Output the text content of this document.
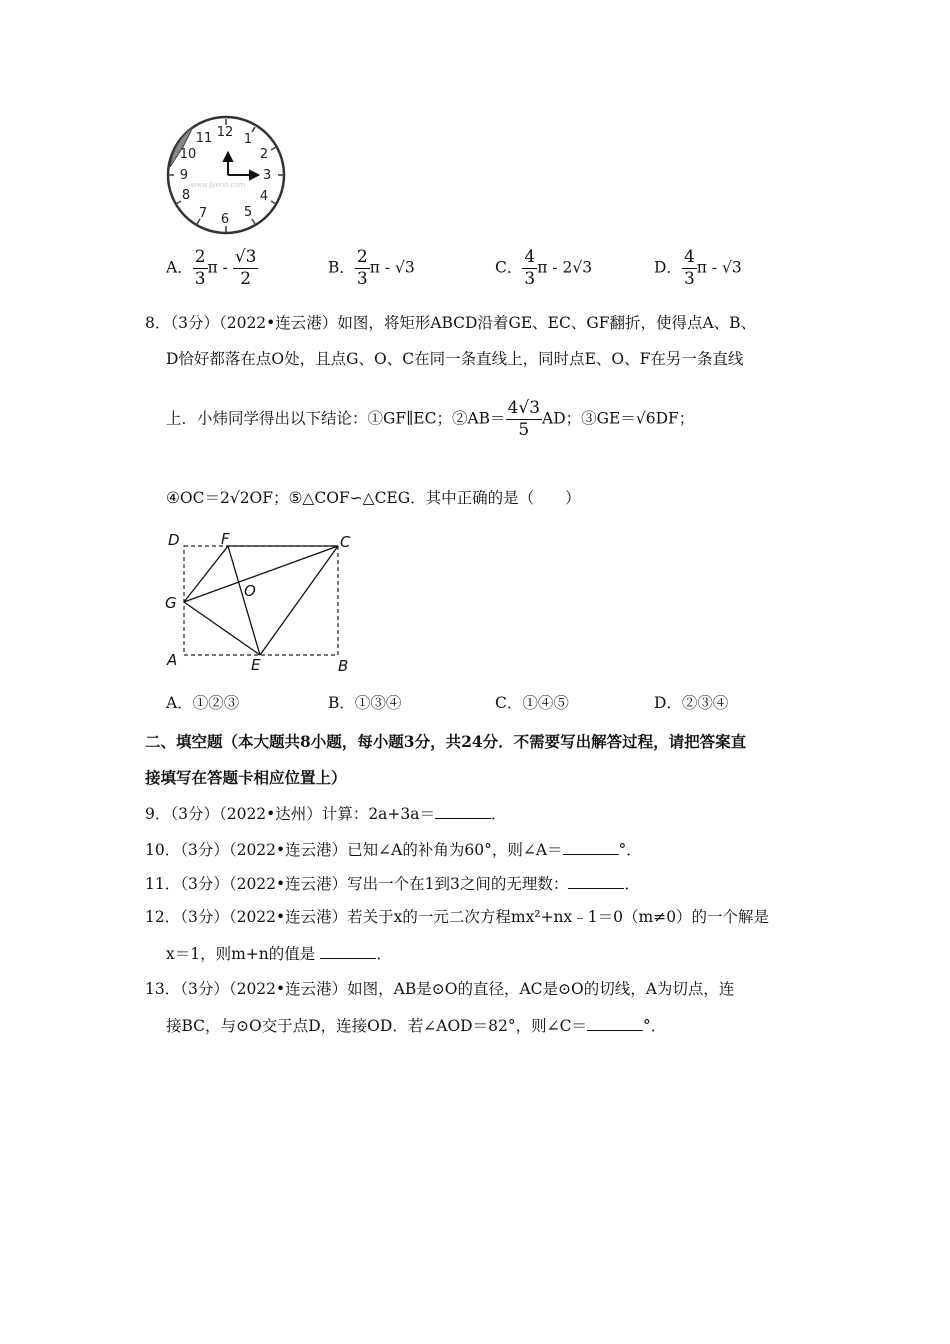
12 1
2
3
4
5
6
7
8
9
10
11
www.jyeoo.com
A． $\frac{2}{3}$ π - $\frac{√3}{2}$	B． $\frac{2}{3}$ π - √3	C． $\frac{4}{3}$ π - 2√3	D． $\frac{4}{3}$ π - √3
8．（3分）（2022•连云港）如图，将矩形ABCD沿着GE、EC、GF翻折，使得点A、B、
D恰好都落在点O处，且点G、O、C在同一条直线上，同时点E、O、F在另一条直线
上．小炜同学得出以下结论：①GF∥EC；②AB＝ $\frac{4√3}{5}$ AD；③GE＝√6DF；
④OC＝2√2OF；⑤△COF∽△CEG．其中正确的是（　　）
D	F	C
G
O
A	E	B
A．①②③	B．①③④	C．①④⑤	D．②③④
二、填空题（本大题共8小题，每小题3分，共24分．不需要写出解答过程，请把答案直
接填写在答题卡相应位置上）
9．（3分）（2022•达州）计算：2a+3a＝	．
10．（3分）（2022•连云港）已知∠A的补角为60°，则∠A＝	°．
11．（3分）（2022•连云港）写出一个在1到3之间的无理数：	．
12．（3分）（2022•连云港）若关于x的一元二次方程mx²+nx﹣1＝0（m≠0）的一个解是
x＝1，则m+n的值是	．
13．（3分）（2022•连云港）如图，AB是⊙O的直径，AC是⊙O的切线，A为切点，连
接BC，与⊙O交于点D，连接OD．若∠AOD＝82°，则∠C＝	°．
